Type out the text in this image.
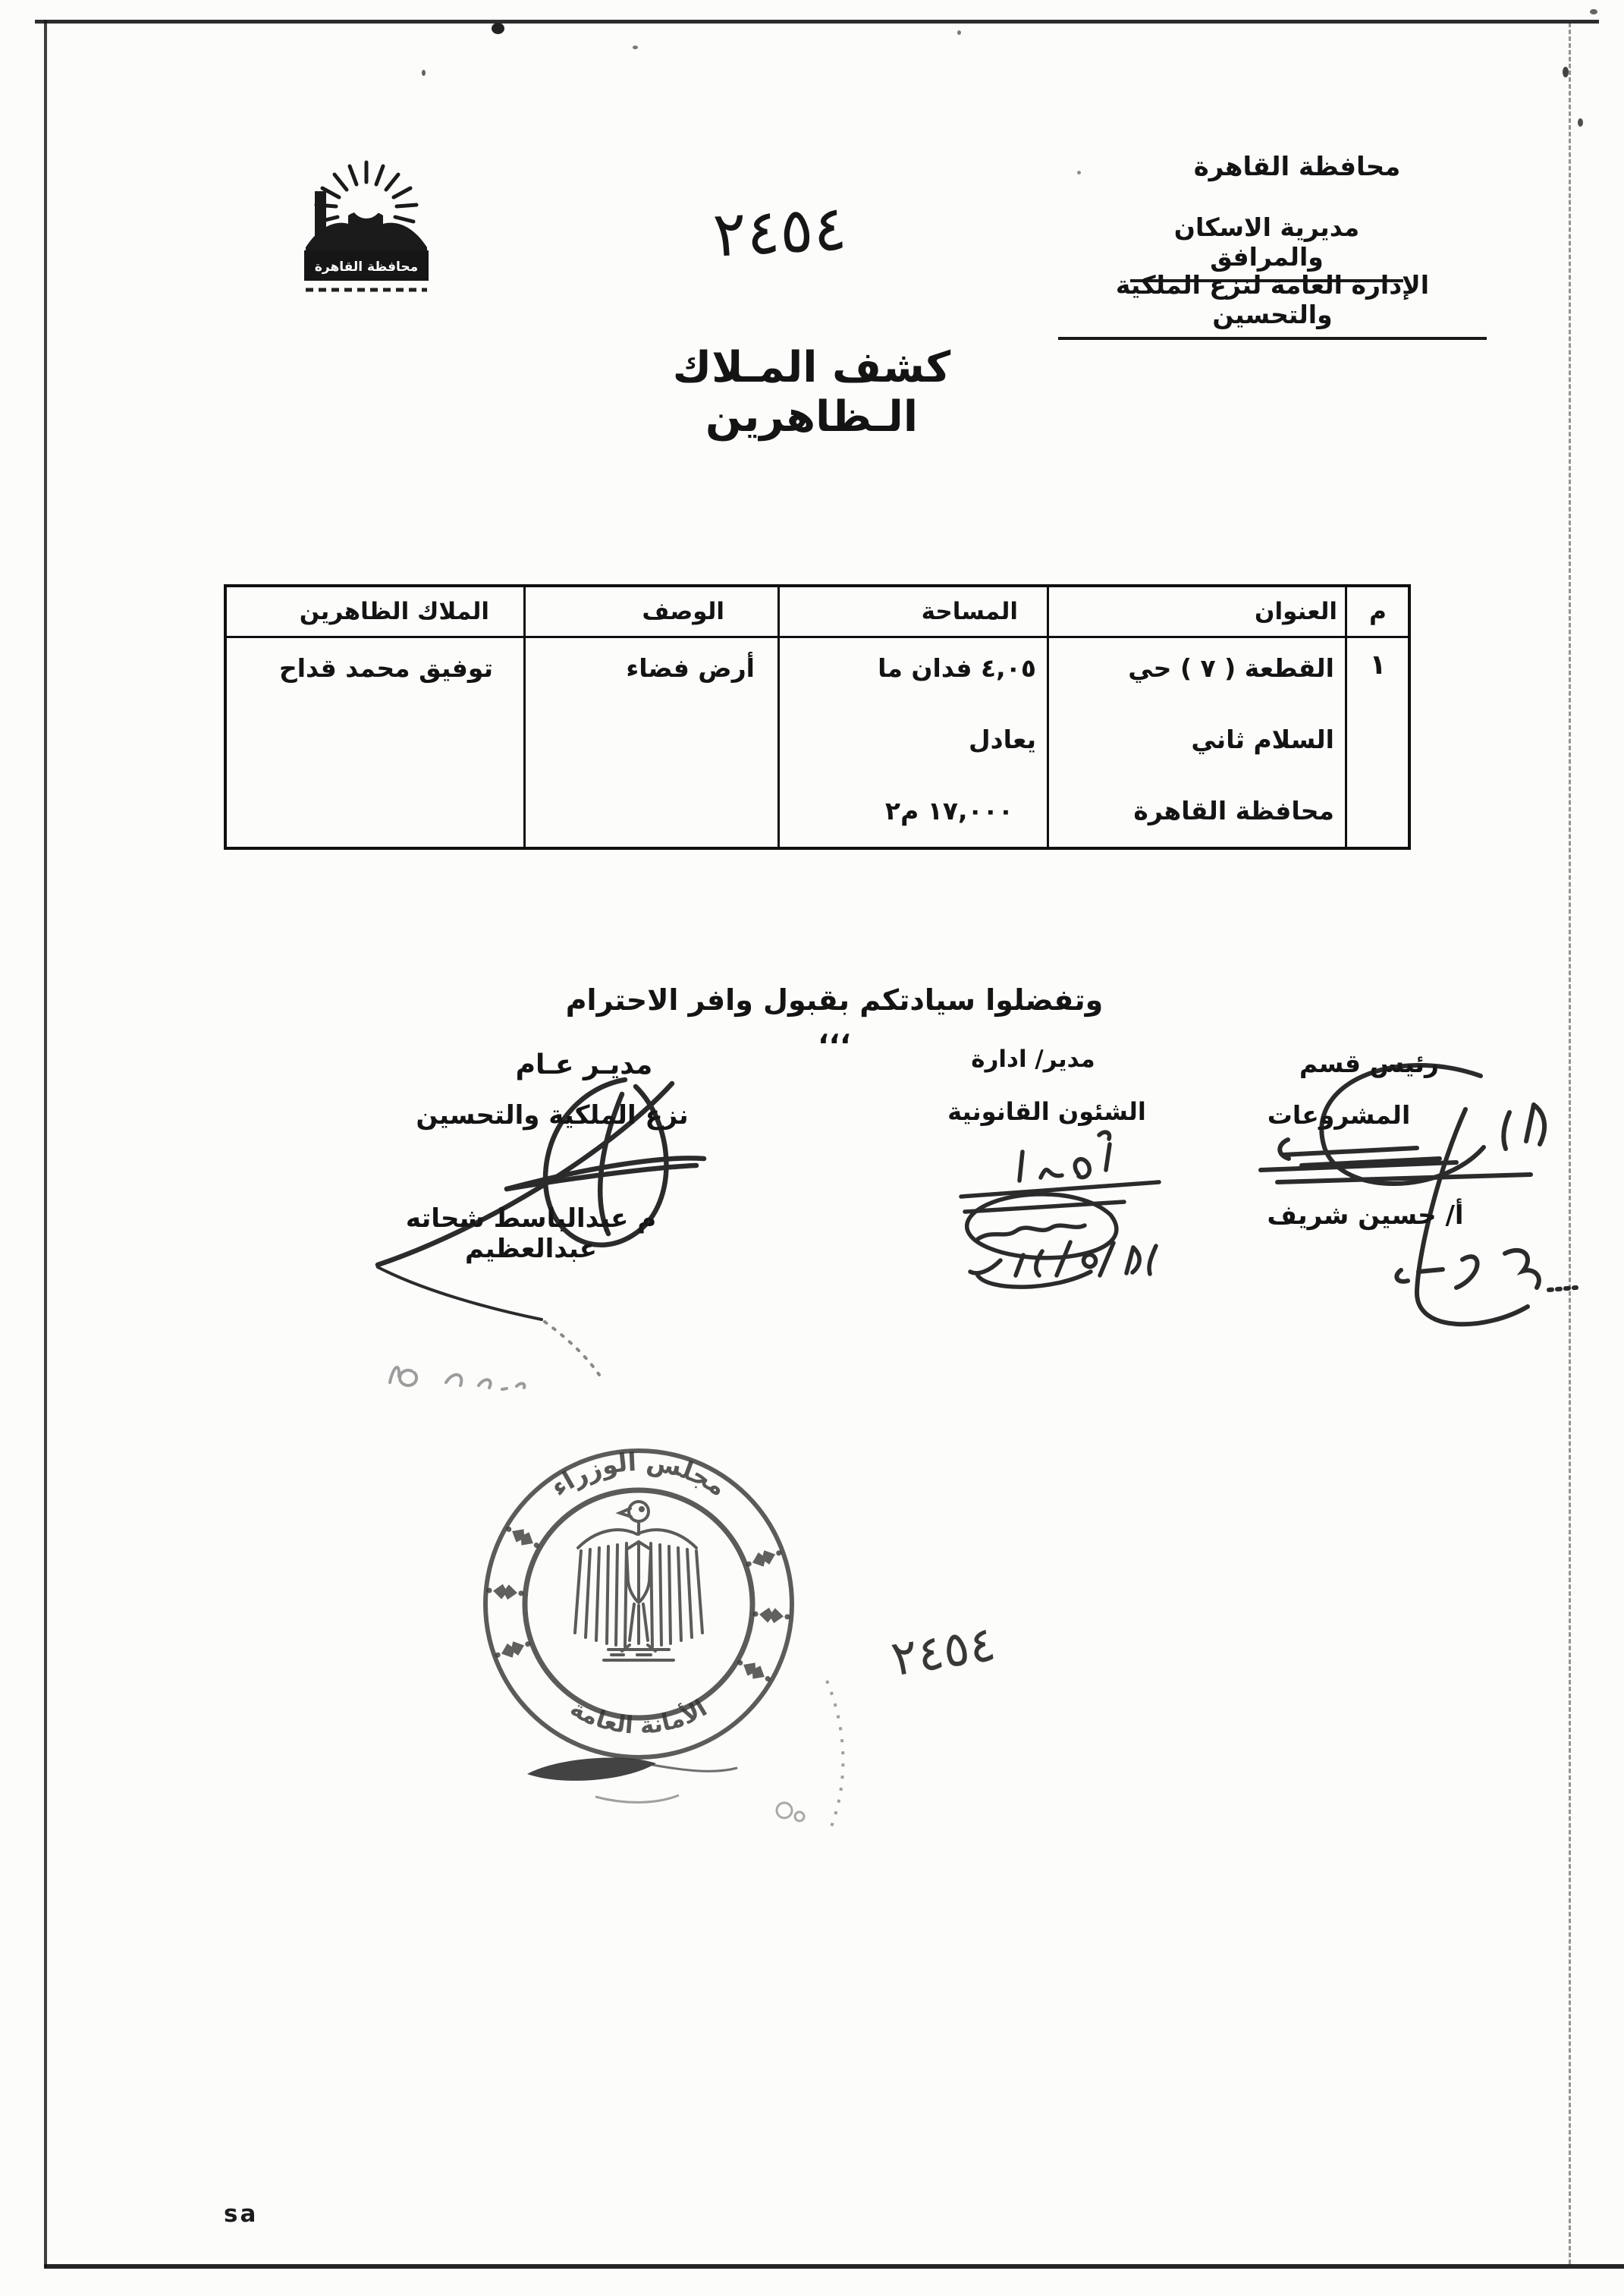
محافظة القاهرة
محافظة القاهرة
مديرية الاسكان والمرافق
الإدارة العامة لنزع الملكية والتحسين
٢٤٥٤
كشف المـلاك الـظاهرين
م
العنوان
المساحة
الوصف
الملاك الظاهرين
١
القطعة ( ٧ ) حي
السلام ثاني
محافظة القاهرة
٤,٠٥ فدان ما
يعادل
١٧,٠٠٠ م٢
أرض فضاء
توفيق محمد قداح
وتفضلوا سيادتكم بقبول وافر الاحترام ،،،
رئيس قسم
المشروعات
أ/ حسين شريف
مدير/ ادارة
الشئون القانونية
مديـر عـام
نزع الملكية والتحسين
م عبدالباسط شحاته عبدالعظيم
مجلس الوزراء
الأمانة العامة
٢٤٥٤
sa
